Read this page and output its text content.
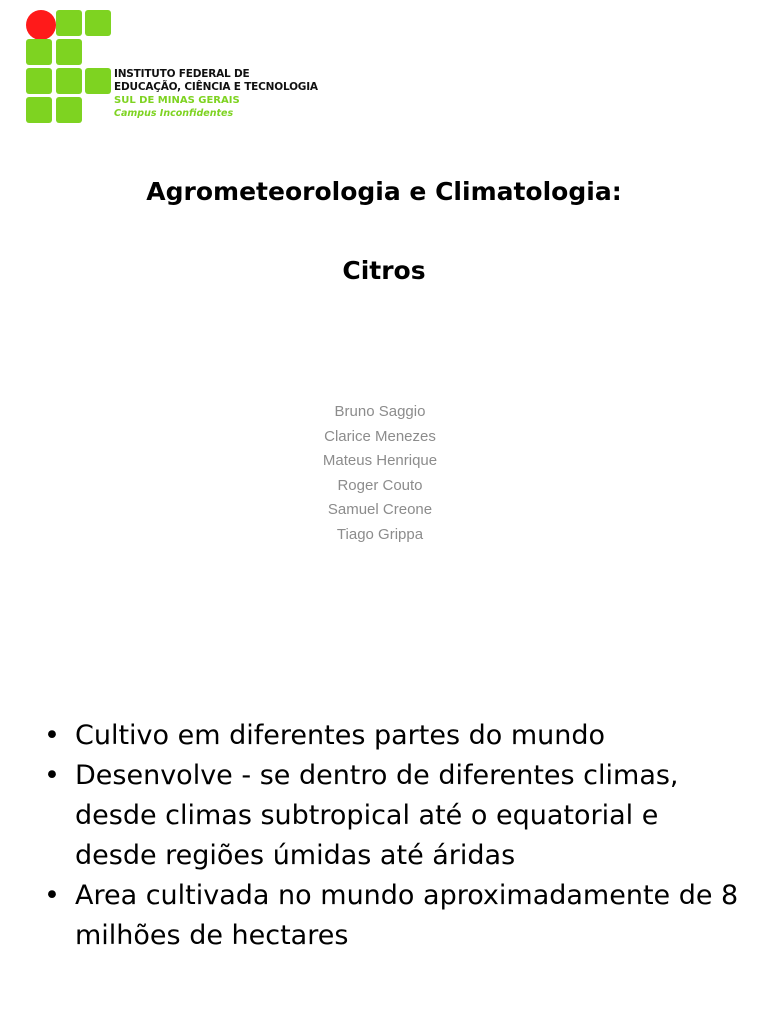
INSTITUTO FEDERAL DE
EDUCAÇÃO, CIÊNCIA E TECNOLOGIA
SUL DE MINAS GERAIS
Campus Inconfidentes
Agrometeorologia e Climatologia:
Citros
Bruno Saggio
Clarice Menezes
Mateus Henrique
Roger Couto
Samuel Creone
Tiago Grippa
• Cultivo em diferentes partes do mundo
• Desenvolve - se dentro de diferentes climas, desde climas subtropical até o equatorial e desde regiões úmidas até áridas
• Area cultivada no mundo aproximadamente de 8 milhões de hectares
